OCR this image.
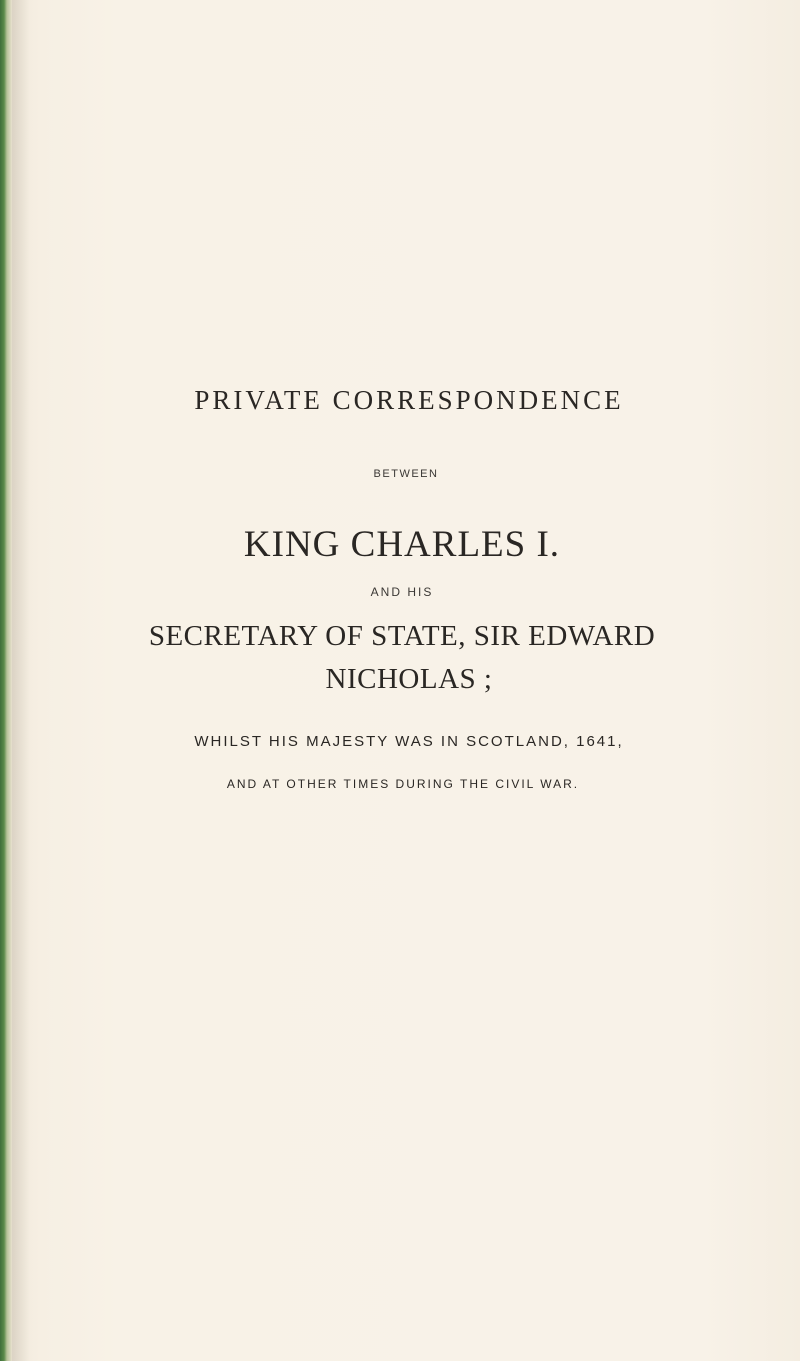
PRIVATE CORRESPONDENCE
BETWEEN
KING CHARLES I.
AND HIS
SECRETARY OF STATE, SIR EDWARD
NICHOLAS ;
WHILST HIS MAJESTY WAS IN SCOTLAND, 1641,
AND AT OTHER TIMES DURING THE CIVIL WAR.
